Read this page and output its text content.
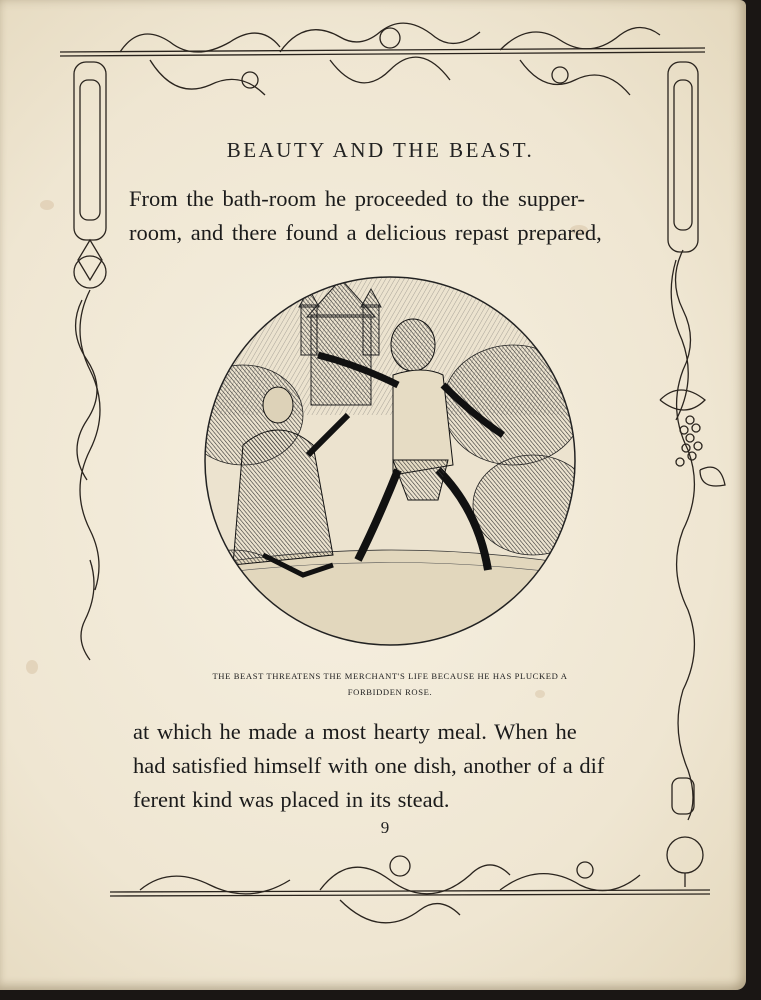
BEAUTY AND THE BEAST.
From the bath-room he proceeded to the supper-
room, and there found a delicious repast prepared,
THE BEAST THREATENS THE MERCHANT'S LIFE BECAUSE HE HAS PLUCKED A
FORBIDDEN ROSE.
at which he made a most hearty meal. When he
had satisfied himself with one dish, another of a dif
ferent kind was placed in its stead.
9
